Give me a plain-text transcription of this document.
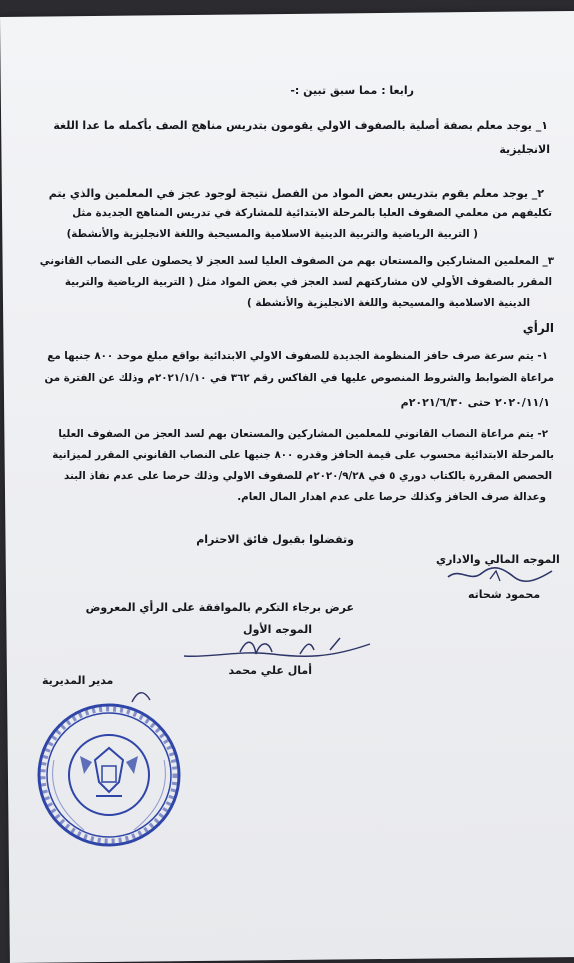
رابعا : مما سبق تبين :-
١_ يوجد معلم بصفة أصلية بالصفوف الاولي يقومون بتدريس مناهج الصف بأكمله ما عدا اللغة
الانجليزية
٢_ يوجد معلم يقوم بتدريس بعض المواد من الفصل نتيجة لوجود عجز في المعلمين والذي يتم
تكليفهم من معلمي الصفوف العليا بالمرحلة الابتدائية للمشاركة في تدريس المناهج الجديدة مثل
( التربية الرياضية والتربية الدينية الاسلامية والمسيحية واللغة الانجليزية والأنشطة)
٣_ المعلمين المشاركين والمستعان بهم من الصفوف العليا لسد العجز لا يحصلون على النصاب القانوني
المقرر بالصفوف الأولي لان مشاركتهم لسد العجز في بعض المواد مثل ( التربية الرياضية والتربية
الدينية الاسلامية والمسيحية واللغة الانجليزية والأنشطة )
الرأي
١- يتم سرعة صرف حافز المنظومة الجديدة للصفوف الاولي الابتدائية بواقع مبلغ موحد ٨٠٠ جنيها مع
مراعاة الضوابط والشروط المنصوص عليها في الفاكس رقم ٣٦٢ في ٢٠٢١/١/١٠م وذلك عن الفترة من
٢٠٢٠/١١/١ حتى ٢٠٢١/٦/٣٠م
٢- يتم مراعاة النصاب القانوني للمعلمين المشاركين والمستعان بهم لسد العجز من الصفوف العليا
بالمرحلة الابتدائية محسوب على قيمة الحافز وقدره ٨٠٠ جنيها على النصاب القانوني المقرر لميزانية
الحصص المقررة بالكتاب دوري ٥ في ٢٠٢٠/٩/٢٨م للصفوف الاولي وذلك حرصا على عدم نفاذ البند
وعدالة صرف الحافز وكذلك حرصا على عدم اهدار المال العام.
وتفضلوا بقبول فائق الاحترام
الموجه المالي والاداري
محمود شحاته
عرض برجاء التكرم بالموافقة على الرأي المعروض
الموجه الأول
أمال علي محمد
مدير المديرية
